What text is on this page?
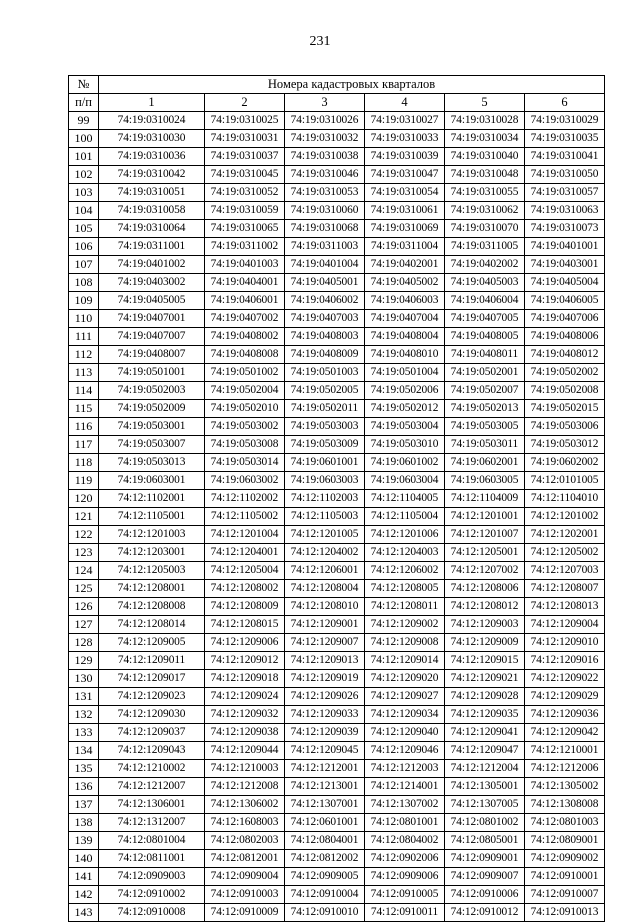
231
№	Номера кадастровых кварталов					
п/п	1	2	3	4	5	6
99	74:19:0310024	74:19:0310025	74:19:0310026	74:19:0310027	74:19:0310028	74:19:0310029
100	74:19:0310030	74:19:0310031	74:19:0310032	74:19:0310033	74:19:0310034	74:19:0310035
101	74:19:0310036	74:19:0310037	74:19:0310038	74:19:0310039	74:19:0310040	74:19:0310041
102	74:19:0310042	74:19:0310045	74:19:0310046	74:19:0310047	74:19:0310048	74:19:0310050
103	74:19:0310051	74:19:0310052	74:19:0310053	74:19:0310054	74:19:0310055	74:19:0310057
104	74:19:0310058	74:19:0310059	74:19:0310060	74:19:0310061	74:19:0310062	74:19:0310063
105	74:19:0310064	74:19:0310065	74:19:0310068	74:19:0310069	74:19:0310070	74:19:0310073
106	74:19:0311001	74:19:0311002	74:19:0311003	74:19:0311004	74:19:0311005	74:19:0401001
107	74:19:0401002	74:19:0401003	74:19:0401004	74:19:0402001	74:19:0402002	74:19:0403001
108	74:19:0403002	74:19:0404001	74:19:0405001	74:19:0405002	74:19:0405003	74:19:0405004
109	74:19:0405005	74:19:0406001	74:19:0406002	74:19:0406003	74:19:0406004	74:19:0406005
110	74:19:0407001	74:19:0407002	74:19:0407003	74:19:0407004	74:19:0407005	74:19:0407006
111	74:19:0407007	74:19:0408002	74:19:0408003	74:19:0408004	74:19:0408005	74:19:0408006
112	74:19:0408007	74:19:0408008	74:19:0408009	74:19:0408010	74:19:0408011	74:19:0408012
113	74:19:0501001	74:19:0501002	74:19:0501003	74:19:0501004	74:19:0502001	74:19:0502002
114	74:19:0502003	74:19:0502004	74:19:0502005	74:19:0502006	74:19:0502007	74:19:0502008
115	74:19:0502009	74:19:0502010	74:19:0502011	74:19:0502012	74:19:0502013	74:19:0502015
116	74:19:0503001	74:19:0503002	74:19:0503003	74:19:0503004	74:19:0503005	74:19:0503006
117	74:19:0503007	74:19:0503008	74:19:0503009	74:19:0503010	74:19:0503011	74:19:0503012
118	74:19:0503013	74:19:0503014	74:19:0601001	74:19:0601002	74:19:0602001	74:19:0602002
119	74:19:0603001	74:19:0603002	74:19:0603003	74:19:0603004	74:19:0603005	74:12:0101005
120	74:12:1102001	74:12:1102002	74:12:1102003	74:12:1104005	74:12:1104009	74:12:1104010
121	74:12:1105001	74:12:1105002	74:12:1105003	74:12:1105004	74:12:1201001	74:12:1201002
122	74:12:1201003	74:12:1201004	74:12:1201005	74:12:1201006	74:12:1201007	74:12:1202001
123	74:12:1203001	74:12:1204001	74:12:1204002	74:12:1204003	74:12:1205001	74:12:1205002
124	74:12:1205003	74:12:1205004	74:12:1206001	74:12:1206002	74:12:1207002	74:12:1207003
125	74:12:1208001	74:12:1208002	74:12:1208004	74:12:1208005	74:12:1208006	74:12:1208007
126	74:12:1208008	74:12:1208009	74:12:1208010	74:12:1208011	74:12:1208012	74:12:1208013
127	74:12:1208014	74:12:1208015	74:12:1209001	74:12:1209002	74:12:1209003	74:12:1209004
128	74:12:1209005	74:12:1209006	74:12:1209007	74:12:1209008	74:12:1209009	74:12:1209010
129	74:12:1209011	74:12:1209012	74:12:1209013	74:12:1209014	74:12:1209015	74:12:1209016
130	74:12:1209017	74:12:1209018	74:12:1209019	74:12:1209020	74:12:1209021	74:12:1209022
131	74:12:1209023	74:12:1209024	74:12:1209026	74:12:1209027	74:12:1209028	74:12:1209029
132	74:12:1209030	74:12:1209032	74:12:1209033	74:12:1209034	74:12:1209035	74:12:1209036
133	74:12:1209037	74:12:1209038	74:12:1209039	74:12:1209040	74:12:1209041	74:12:1209042
134	74:12:1209043	74:12:1209044	74:12:1209045	74:12:1209046	74:12:1209047	74:12:1210001
135	74:12:1210002	74:12:1210003	74:12:1212001	74:12:1212003	74:12:1212004	74:12:1212006
136	74:12:1212007	74:12:1212008	74:12:1213001	74:12:1214001	74:12:1305001	74:12:1305002
137	74:12:1306001	74:12:1306002	74:12:1307001	74:12:1307002	74:12:1307005	74:12:1308008
138	74:12:1312007	74:12:1608003	74:12:0601001	74:12:0801001	74:12:0801002	74:12:0801003
139	74:12:0801004	74:12:0802003	74:12:0804001	74:12:0804002	74:12:0805001	74:12:0809001
140	74:12:0811001	74:12:0812001	74:12:0812002	74:12:0902006	74:12:0909001	74:12:0909002
141	74:12:0909003	74:12:0909004	74:12:0909005	74:12:0909006	74:12:0909007	74:12:0910001
142	74:12:0910002	74:12:0910003	74:12:0910004	74:12:0910005	74:12:0910006	74:12:0910007
143	74:12:0910008	74:12:0910009	74:12:0910010	74:12:0910011	74:12:0910012	74:12:0910013
